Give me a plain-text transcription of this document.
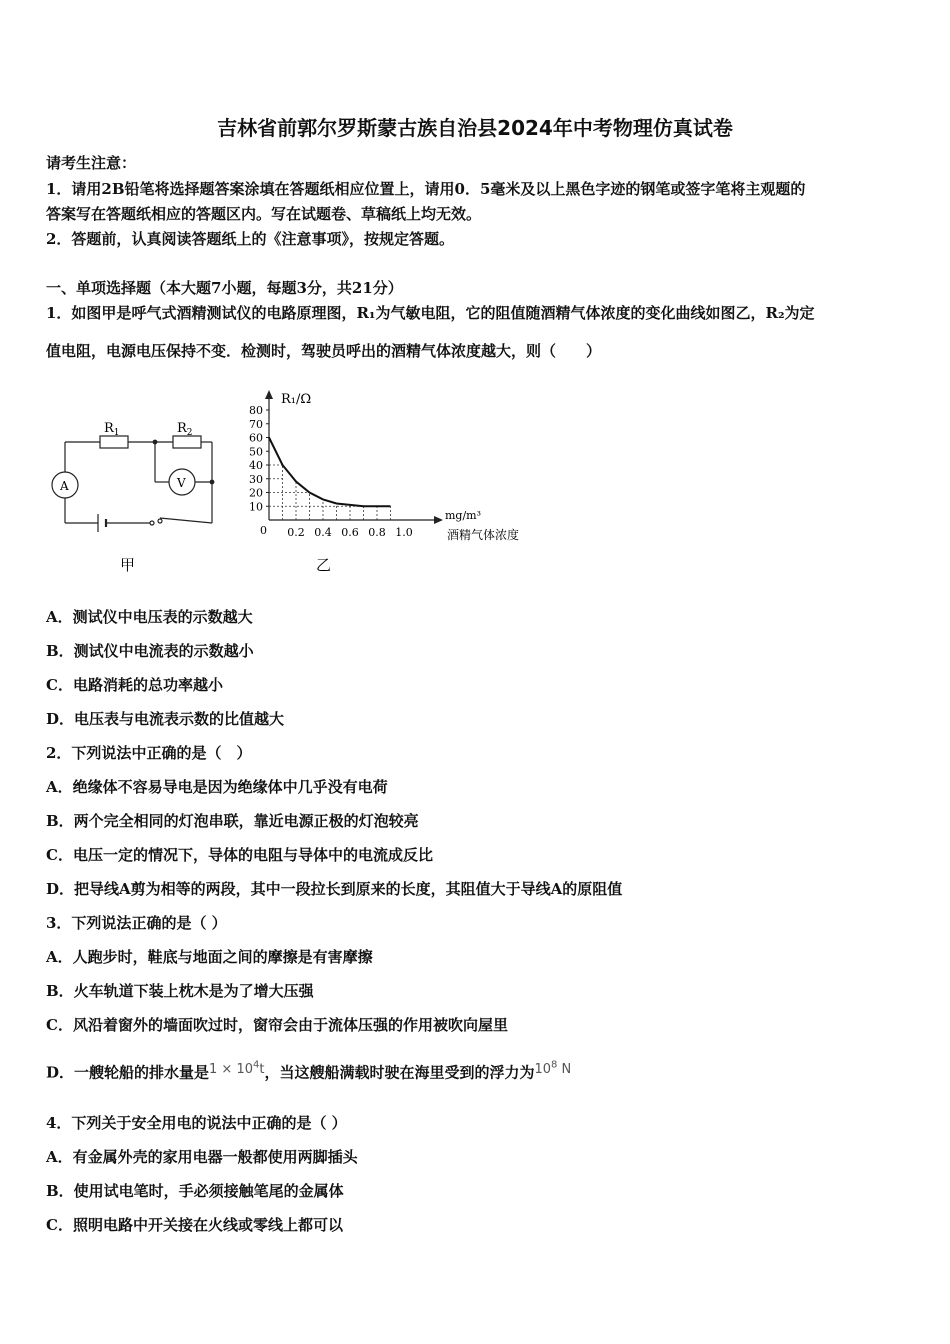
吉林省前郭尔罗斯蒙古族自治县2024年中考物理仿真试卷
请考生注意：
1．请用2B铅笔将选择题答案涂填在答题纸相应位置上，请用0．5毫米及以上黑色字迹的钢笔或签字笔将主观题的
答案写在答题纸相应的答题区内。写在试题卷、草稿纸上均无效。
2．答题前，认真阅读答题纸上的《注意事项》，按规定答题。
一、单项选择题（本大题7小题，每题3分，共21分）
1．如图甲是呼气式酒精测试仪的电路原理图，R₁为气敏电阻，它的阻值随酒精气体浓度的变化曲线如图乙，R₂为定
值电阻，电源电压保持不变．检测时，驾驶员呼出的酒精气体浓度越大，则（　　）
$R_1$	$R_2$
A	V
甲
10
20
30
40
50
60
70
80
0.2 0.4 0.6 0.8 1.0
R₁/Ω
mg/m³
酒精气体浓度
0
乙
A．测试仪中电压表的示数越大
B．测试仪中电流表的示数越小
C．电路消耗的总功率越小
D．电压表与电流表示数的比值越大
2．下列说法中正确的是（　）
A．绝缘体不容易导电是因为绝缘体中几乎没有电荷
B．两个完全相同的灯泡串联，靠近电源正极的灯泡较亮
C．电压一定的情况下，导体的电阻与导体中的电流成反比
D．把导线A剪为相等的两段，其中一段拉长到原来的长度，其阻值大于导线A的原阻值
3．下列说法正确的是（ ）
A．人跑步时，鞋底与地面之间的摩擦是有害摩擦
B．火车轨道下装上枕木是为了增大压强
C．风沿着窗外的墙面吹过时，窗帘会由于流体压强的作用被吹向屋里
D．一艘轮船的排水量是$1 \times 10^4t$，当这艘船满载时驶在海里受到的浮力为$10^8$ N
4．下列关于安全用电的说法中正确的是（ ）
A．有金属外壳的家用电器一般都使用两脚插头
B．使用试电笔时，手必须接触笔尾的金属体
C．照明电路中开关接在火线或零线上都可以
